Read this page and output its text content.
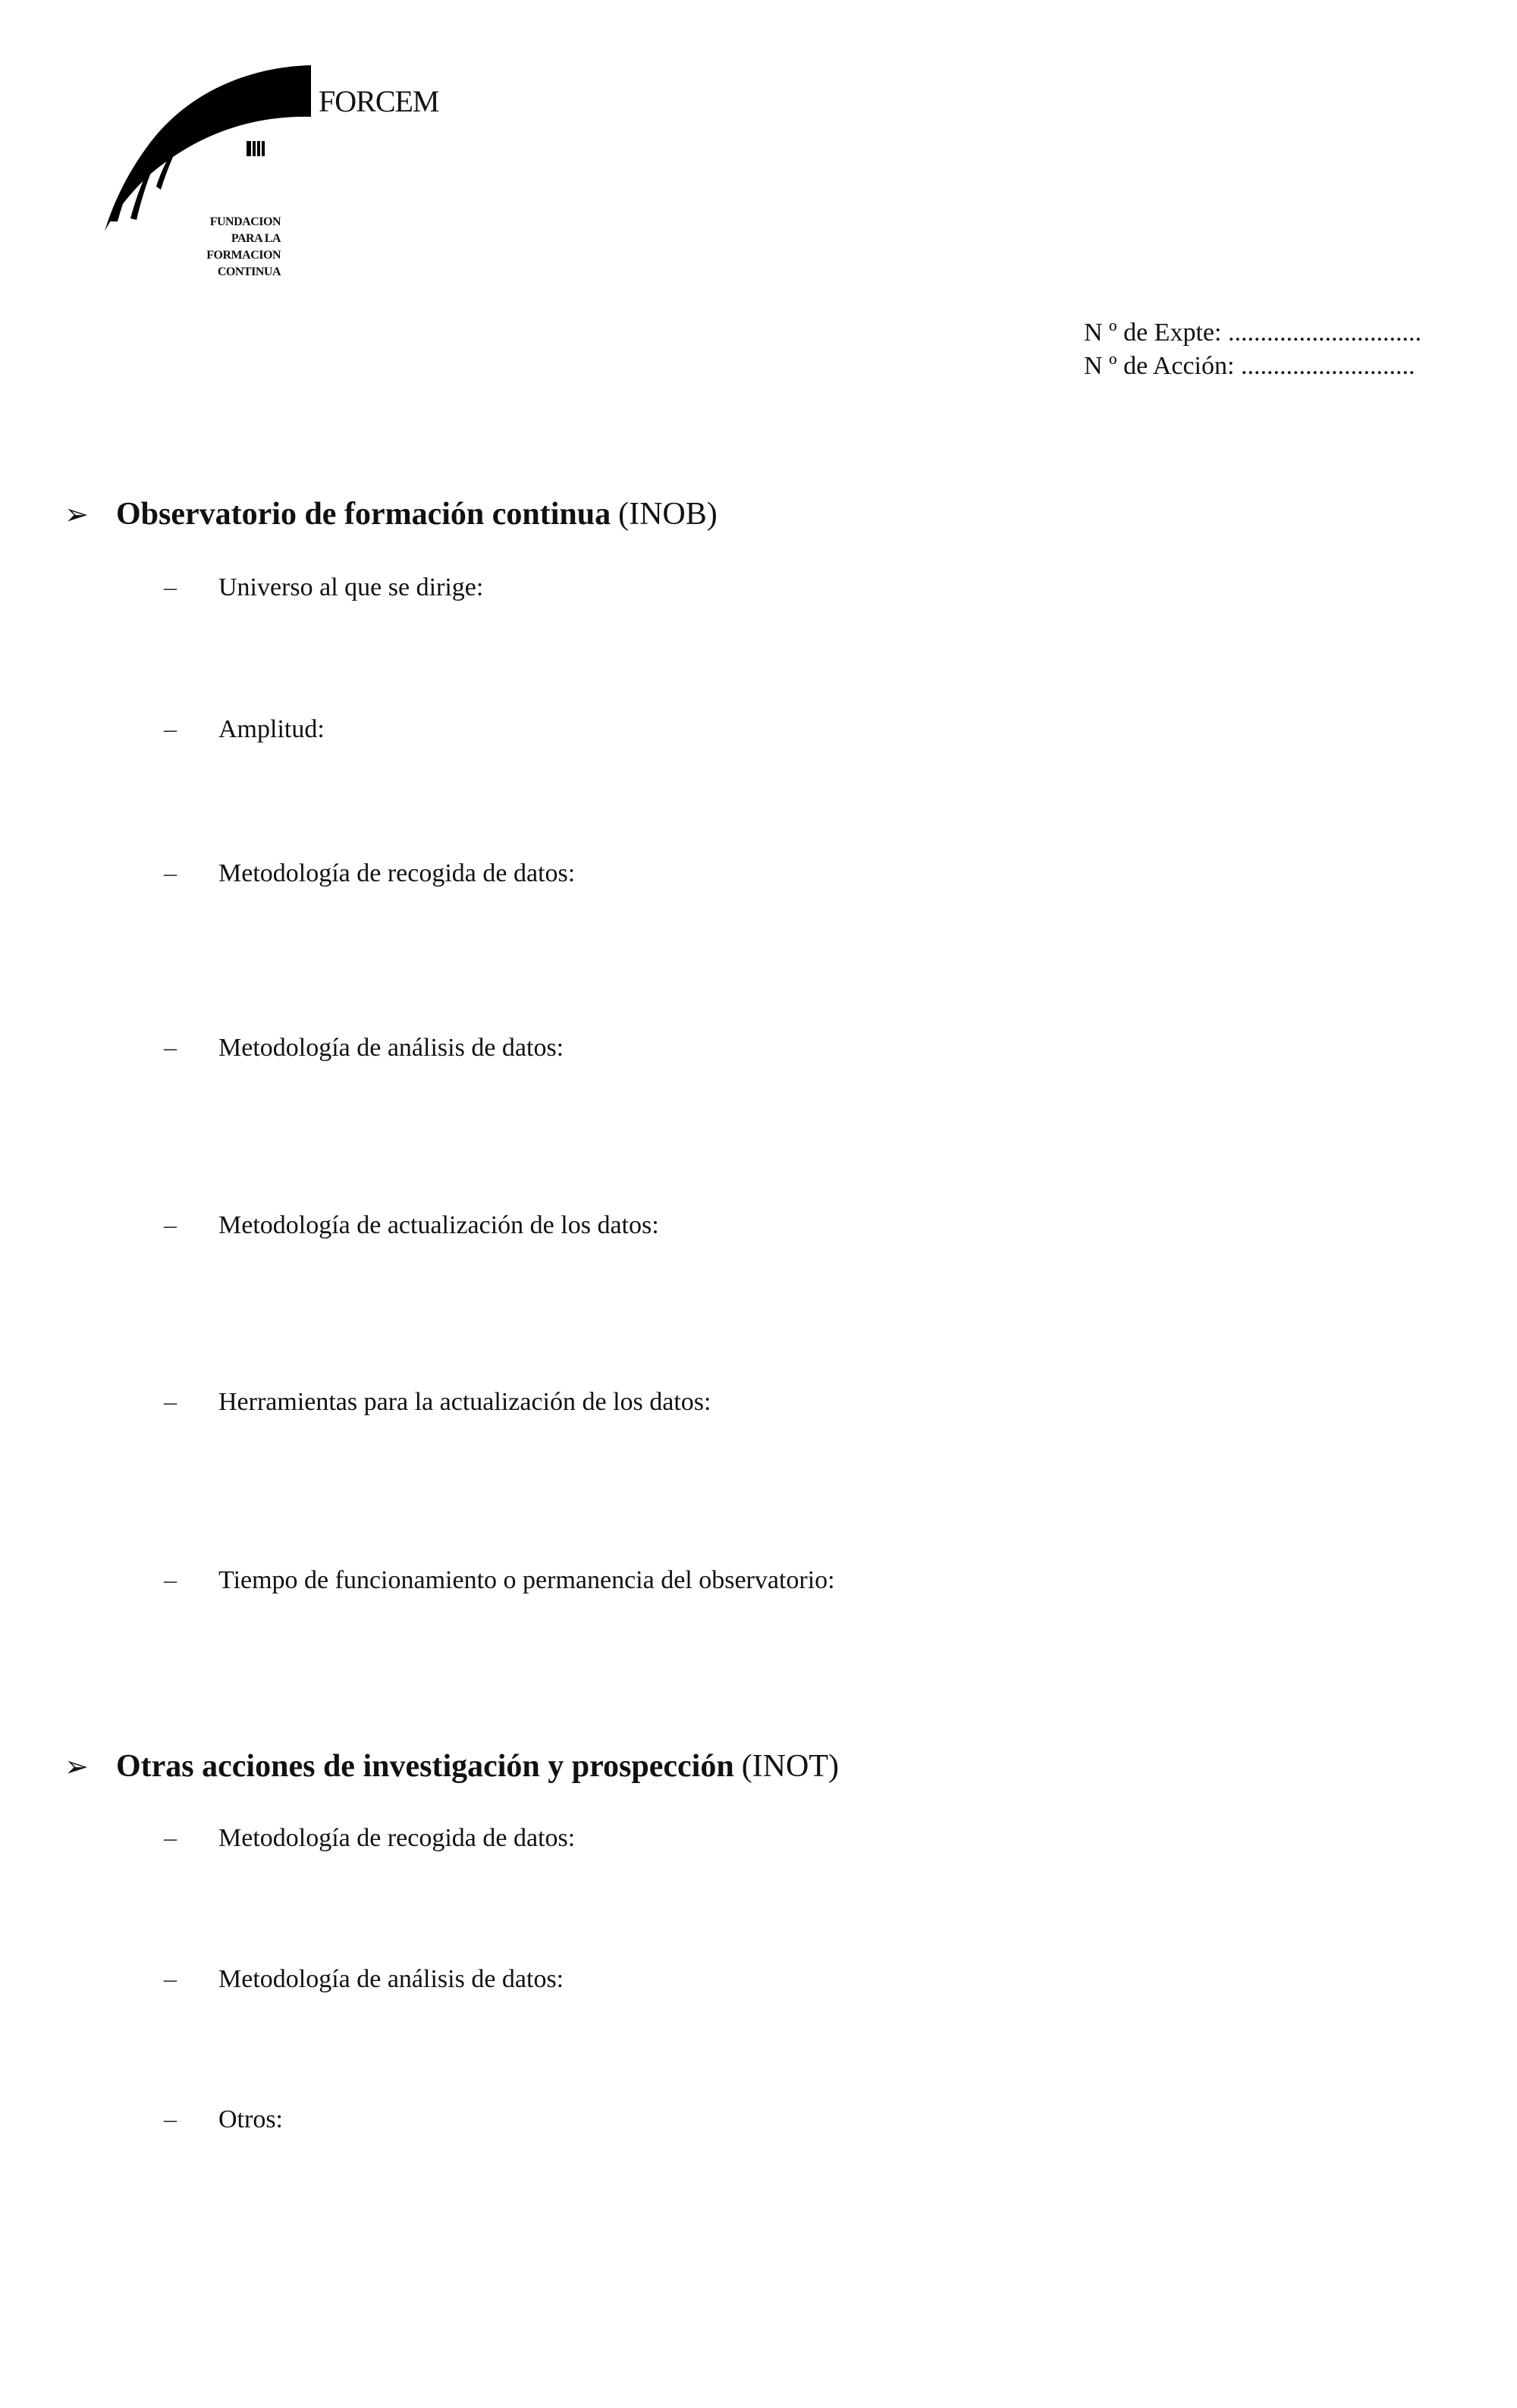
FORCEM
FUNDACION
PARA LA
FORMACION
CONTINUA
N º de Expte: ..............................
N º de Acción: ...........................
➢ Observatorio de formación continua (INOB)
–	Universo al que se dirige:
–	Amplitud:
–	Metodología de recogida de datos:
–	Metodología de análisis de datos:
–	Metodología de actualización de los datos:
–	Herramientas para la actualización de los datos:
–	Tiempo de funcionamiento o permanencia del observatorio:
➢ Otras acciones de investigación y prospección (INOT)
–	Metodología de recogida de datos:
–	Metodología de análisis de datos:
–	Otros:
